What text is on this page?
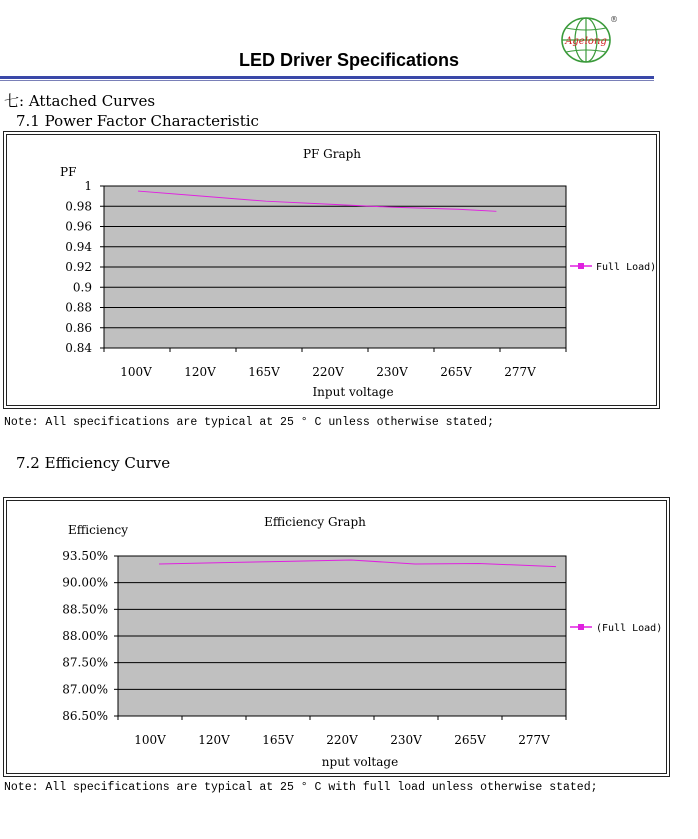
Agelong
®
LED Driver Specifications
七: Attached Curves
7.1 Power Factor Characteristic
PF Graph
PF
1
0.98
0.96
0.94
0.92
0.9
0.88
0.86
0.84
100V	120V	165V	220V	230V	265V	277V
Input voltage
Full Load)
Note: All specifications are typical at 25 ° C unless otherwise stated;
7.2 Efficiency Curve
Efficiency Graph
Efficiency
93.50%
90.00%
88.50%
88.00%
87.50%
87.00%
86.50%
100V	120V	165V	220V	230V	265V	277V
nput voltage
(Full Load)
Note: All specifications are typical at 25 ° C with full load unless otherwise stated;
